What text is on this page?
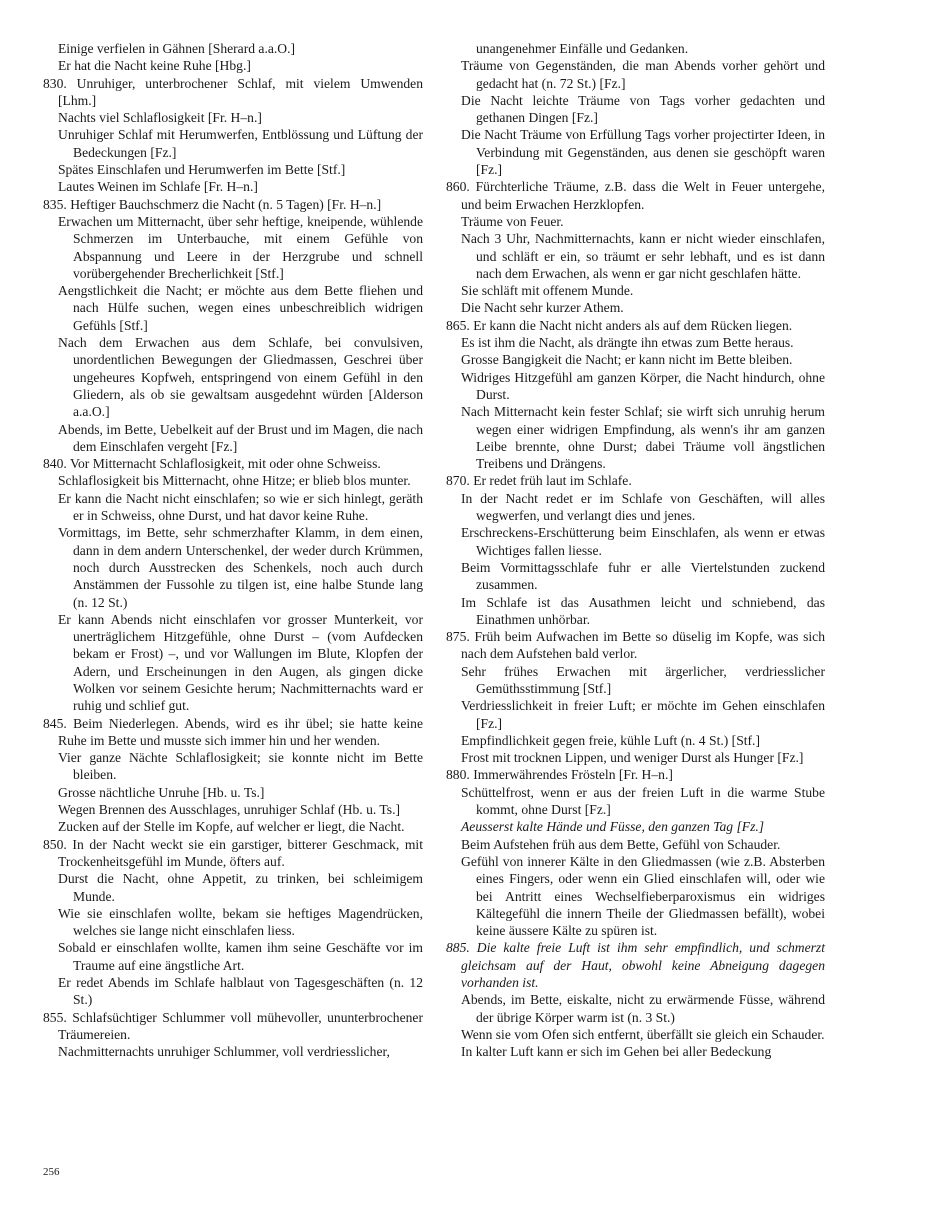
Einige verfielen in Gähnen [Sherard a.a.O.]

Er hat die Nacht keine Ruhe [Hbg.]

830. Unruhiger, unterbrochener Schlaf, mit vielem Umwenden [Lhm.]

Nachts viel Schlaflosigkeit [Fr. H–n.]

Unruhiger Schlaf mit Herumwerfen, Entblössung und Lüftung der Bedeckungen [Fz.]

Spätes Einschlafen und Herumwerfen im Bette [Stf.]

Lautes Weinen im Schlafe [Fr. H–n.]

835. Heftiger Bauchschmerz die Nacht (n. 5 Tagen) [Fr. H–n.]

Erwachen um Mitternacht, über sehr heftige, kneipende, wühlende Schmerzen im Unterbauche, mit einem Gefühle von Abspannung und Leere in der Herzgrube und schnell vorübergehender Brecherlichkeit [Stf.]

Aengstlichkeit die Nacht; er möchte aus dem Bette fliehen und nach Hülfe suchen, wegen eines unbeschreiblich widrigen Gefühls [Stf.]

Nach dem Erwachen aus dem Schlafe, bei convulsiven, unordentlichen Bewegungen der Gliedmassen, Geschrei über ungeheures Kopfweh, entspringend von einem Gefühl in den Gliedern, als ob sie gewaltsam ausgedehnt würden [Alderson a.a.O.]

Abends, im Bette, Uebelkeit auf der Brust und im Magen, die nach dem Einschlafen vergeht [Fz.]

840. Vor Mitternacht Schlaflosigkeit, mit oder ohne Schweiss.

Schlaflosigkeit bis Mitternacht, ohne Hitze; er blieb blos munter.

Er kann die Nacht nicht einschlafen; so wie er sich hinlegt, geräth er in Schweiss, ohne Durst, und hat davor keine Ruhe.

Vormittags, im Bette, sehr schmerzhafter Klamm, in dem einen, dann in dem andern Unterschenkel, der weder durch Krümmen, noch durch Ausstrecken des Schenkels, noch auch durch Anstämmen der Fussohle zu tilgen ist, eine halbe Stunde lang (n. 12 St.)

Er kann Abends nicht einschlafen vor grosser Munterkeit, vor unerträglichem Hitzgefühle, ohne Durst – (vom Aufdecken bekam er Frost) –, und vor Wallungen im Blute, Klopfen der Adern, und Erscheinungen in den Augen, als gingen dicke Wolken vor seinem Gesichte herum; Nachmitternachts ward er ruhig und schlief gut.

845. Beim Niederlegen. Abends, wird es ihr übel; sie hatte keine Ruhe im Bette und musste sich immer hin und her wenden.

Vier ganze Nächte Schlaflosigkeit; sie konnte nicht im Bette bleiben.

Grosse nächtliche Unruhe [Hb. u. Ts.]

Wegen Brennen des Ausschlages, unruhiger Schlaf (Hb. u. Ts.]

Zucken auf der Stelle im Kopfe, auf welcher er liegt, die Nacht.

850. In der Nacht weckt sie ein garstiger, bitterer Geschmack, mit Trockenheitsgefühl im Munde, öfters auf.

Durst die Nacht, ohne Appetit, zu trinken, bei schleimigem Munde.

Wie sie einschlafen wollte, bekam sie heftiges Magendrücken, welches sie lange nicht einschlafen liess.

Sobald er einschlafen wollte, kamen ihm seine Geschäfte vor im Traume auf eine ängstliche Art.

Er redet Abends im Schlafe halblaut von Tagesgeschäften (n. 12 St.)

855. Schlafsüchtiger Schlummer voll mühevoller, ununterbrochener Träumereien.

Nachmitternachts unruhiger Schlummer, voll verdriesslicher,

unangenehmer Einfälle und Gedanken.

Träume von Gegenständen, die man Abends vorher gehört und gedacht hat (n. 72 St.) [Fz.]

Die Nacht leichte Träume von Tags vorher gedachten und gethanen Dingen [Fz.]

Die Nacht Träume von Erfüllung Tags vorher projectirter Ideen, in Verbindung mit Gegenständen, aus denen sie geschöpft waren [Fz.]

860. Fürchterliche Träume, z.B. dass die Welt in Feuer untergehe, und beim Erwachen Herzklopfen.

Träume von Feuer.

Nach 3 Uhr, Nachmitternachts, kann er nicht wieder einschlafen, und schläft er ein, so träumt er sehr lebhaft, und es ist dann nach dem Erwachen, als wenn er gar nicht geschlafen hätte.

Sie schläft mit offenem Munde.

Die Nacht sehr kurzer Athem.

865. Er kann die Nacht nicht anders als auf dem Rücken liegen.

Es ist ihm die Nacht, als drängte ihn etwas zum Bette heraus.

Grosse Bangigkeit die Nacht; er kann nicht im Bette bleiben.

Widriges Hitzgefühl am ganzen Körper, die Nacht hindurch, ohne Durst.

Nach Mitternacht kein fester Schlaf; sie wirft sich unruhig herum wegen einer widrigen Empfindung, als wenn's ihr am ganzen Leibe brennte, ohne Durst; dabei Träume voll ängstlichen Treibens und Drängens.

870. Er redet früh laut im Schlafe.

In der Nacht redet er im Schlafe von Geschäften, will alles wegwerfen, und verlangt dies und jenes.

Erschreckens-Erschütterung beim Einschlafen, als wenn er etwas Wichtiges fallen liesse.

Beim Vormittagsschlafe fuhr er alle Viertelstunden zuckend zusammen.

Im Schlafe ist das Ausathmen leicht und schniebend, das Einathmen unhörbar.

875. Früh beim Aufwachen im Bette so düselig im Kopfe, was sich nach dem Aufstehen bald verlor.

Sehr frühes Erwachen mit ärgerlicher, verdriesslicher Gemüthsstimmung [Stf.]

Verdriesslichkeit in freier Luft; er möchte im Gehen einschlafen [Fz.]

Empfindlichkeit gegen freie, kühle Luft (n. 4 St.) [Stf.]

Frost mit trocknen Lippen, und weniger Durst als Hunger [Fz.]

880. Immerwährendes Frösteln [Fr. H–n.]

Schüttelfrost, wenn er aus der freien Luft in die warme Stube kommt, ohne Durst [Fz.]

Aeusserst kalte Hände und Füsse, den ganzen Tag [Fz.]

Beim Aufstehen früh aus dem Bette, Gefühl von Schauder.

Gefühl von innerer Kälte in den Gliedmassen (wie z.B. Absterben eines Fingers, oder wenn ein Glied einschlafen will, oder wie bei Antritt eines Wechselfieberparoxismus ein widriges Kältegefühl die innern Theile der Gliedmassen befällt), wobei keine äussere Kälte zu spüren ist.

885. Die kalte freie Luft ist ihm sehr empfindlich, und schmerzt gleichsam auf der Haut, obwohl keine Abneigung dagegen vorhanden ist.

Abends, im Bette, eiskalte, nicht zu erwärmende Füsse, während der übrige Körper warm ist (n. 3 St.)

Wenn sie vom Ofen sich entfernt, überfällt sie gleich ein Schauder.

In kalter Luft kann er sich im Gehen bei aller Bedeckung

256
